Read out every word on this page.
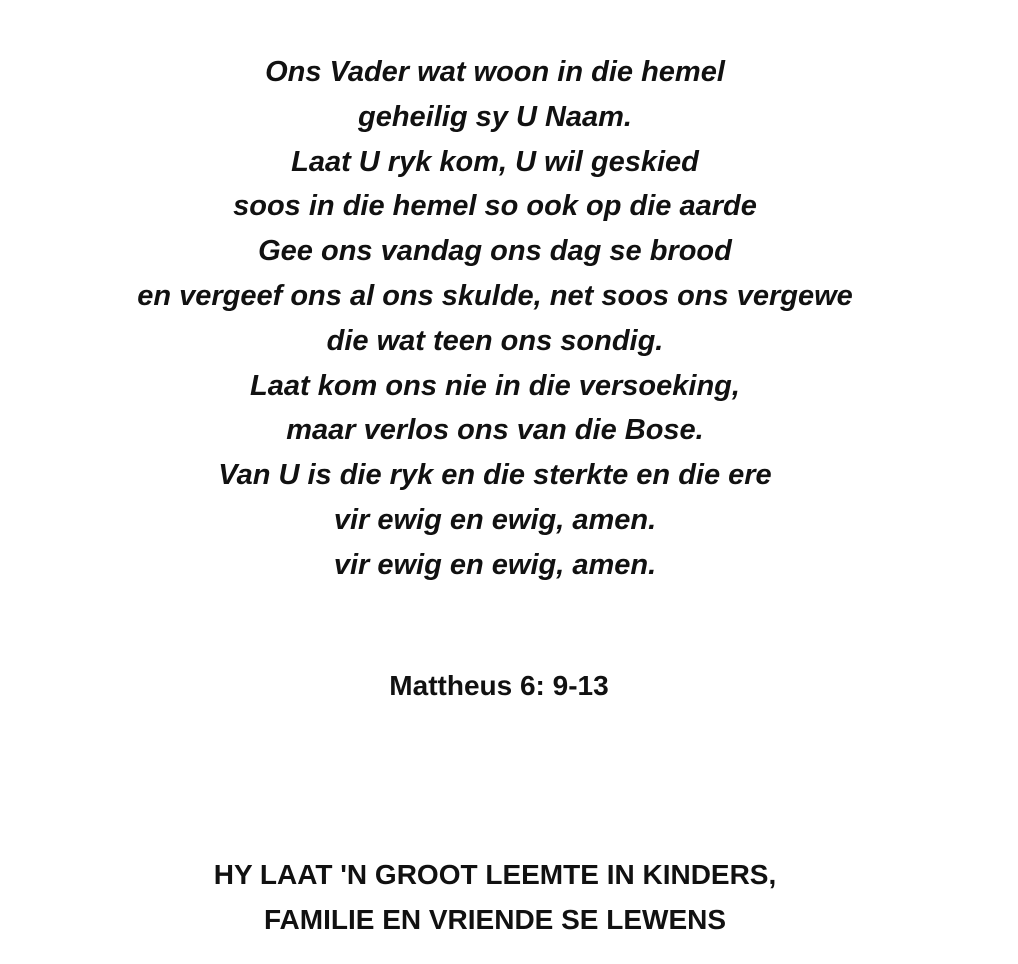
Ons Vader wat woon in die hemel
geheilig sy U Naam.
Laat U ryk kom, U wil geskied
soos in die hemel so ook op die aarde
Gee ons vandag ons dag se brood
en vergeef ons al ons skulde, net soos ons vergewe
die wat teen ons sondig.
Laat kom ons nie in die versoeking,
maar verlos ons van die Bose.
Van U is die ryk en die sterkte en die ere
vir ewig en ewig, amen.
vir ewig en ewig, amen.
Mattheus 6: 9-13
HY LAAT 'N GROOT LEEMTE IN KINDERS,
FAMILIE EN VRIENDE SE LEWENS
